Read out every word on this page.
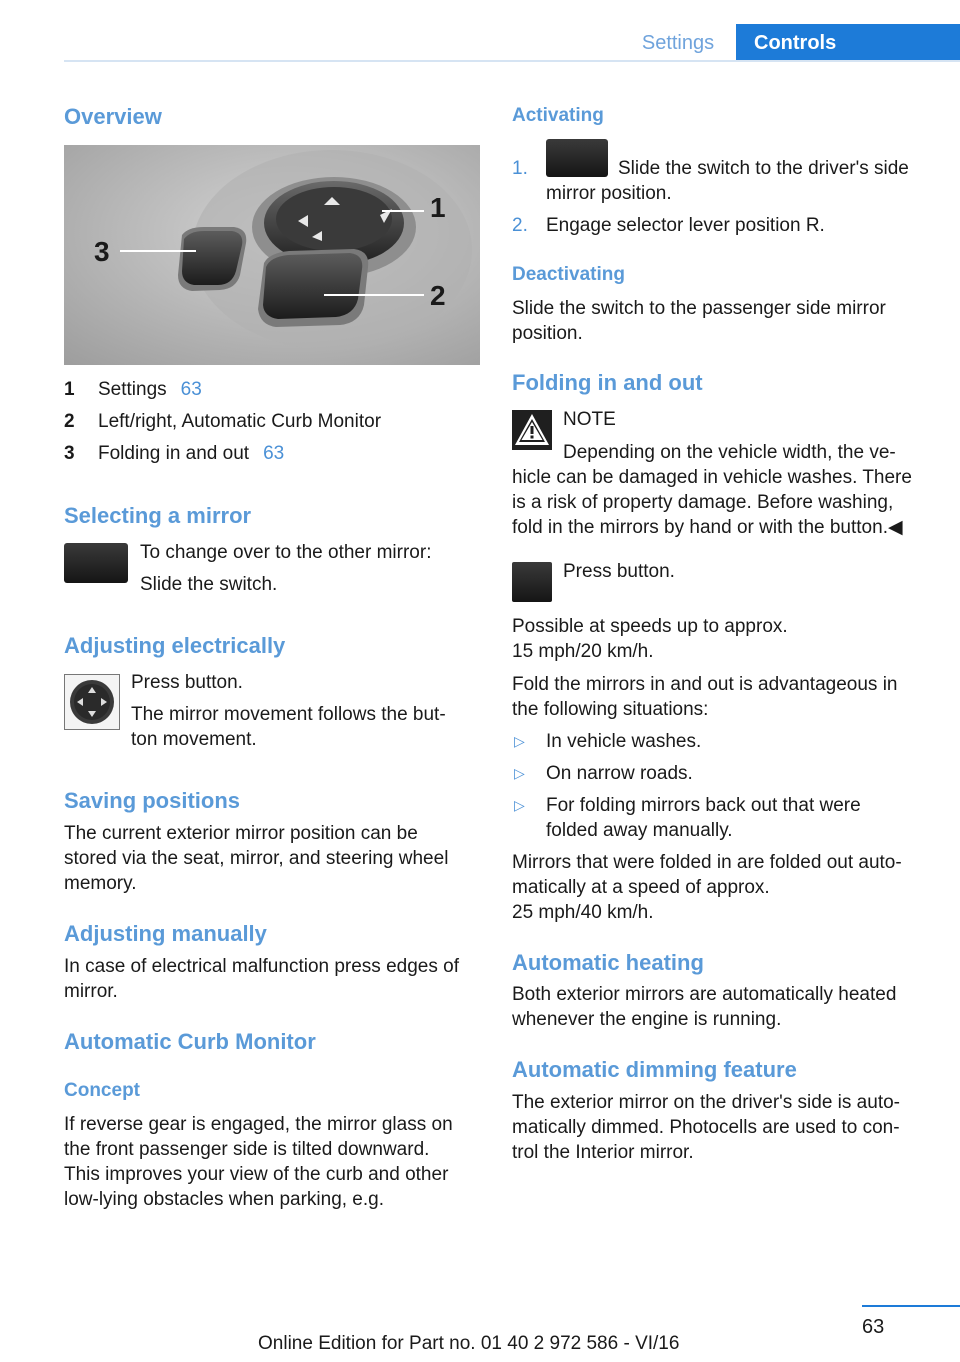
Settings	Controls
Overview
1
2
3
1	Settings 63
2	Left/right, Automatic Curb Monitor
3	Folding in and out 63
Selecting a mirror
To change over to the other mirror:
Slide the switch.
Adjusting electrically
Press button.
The mirror movement follows the but‐
ton movement.
Saving positions
The current exterior mirror position can be
stored via the seat, mirror, and steering wheel
memory.
Adjusting manually
In case of electrical malfunction press edges of
mirror.
Automatic Curb Monitor
Concept
If reverse gear is engaged, the mirror glass on
the front passenger side is tilted downward.
This improves your view of the curb and other
low-lying obstacles when parking, e.g.
Activating
1.	Slide the switch to the driver's side
mirror position.
2. Engage selector lever position R.
Deactivating
Slide the switch to the passenger side mirror
position.
Folding in and out
NOTE
Depending on the vehicle width, the ve‐
hicle can be damaged in vehicle washes. There
is a risk of property damage. Before washing,
fold in the mirrors by hand or with the button.◀
Press button.
Possible at speeds up to approx.
15 mph/20 km/h.
Fold the mirrors in and out is advantageous in
the following situations:
▷ In vehicle washes.
▷ On narrow roads.
▷ For folding mirrors back out that were
folded away manually.
Mirrors that were folded in are folded out auto‐
matically at a speed of approx.
25 mph/40 km/h.
Automatic heating
Both exterior mirrors are automatically heated
whenever the engine is running.
Automatic dimming feature
The exterior mirror on the driver's side is auto‐
matically dimmed. Photocells are used to con‐
trol the Interior mirror.
63
Online Edition for Part no. 01 40 2 972 586 - VI/16
